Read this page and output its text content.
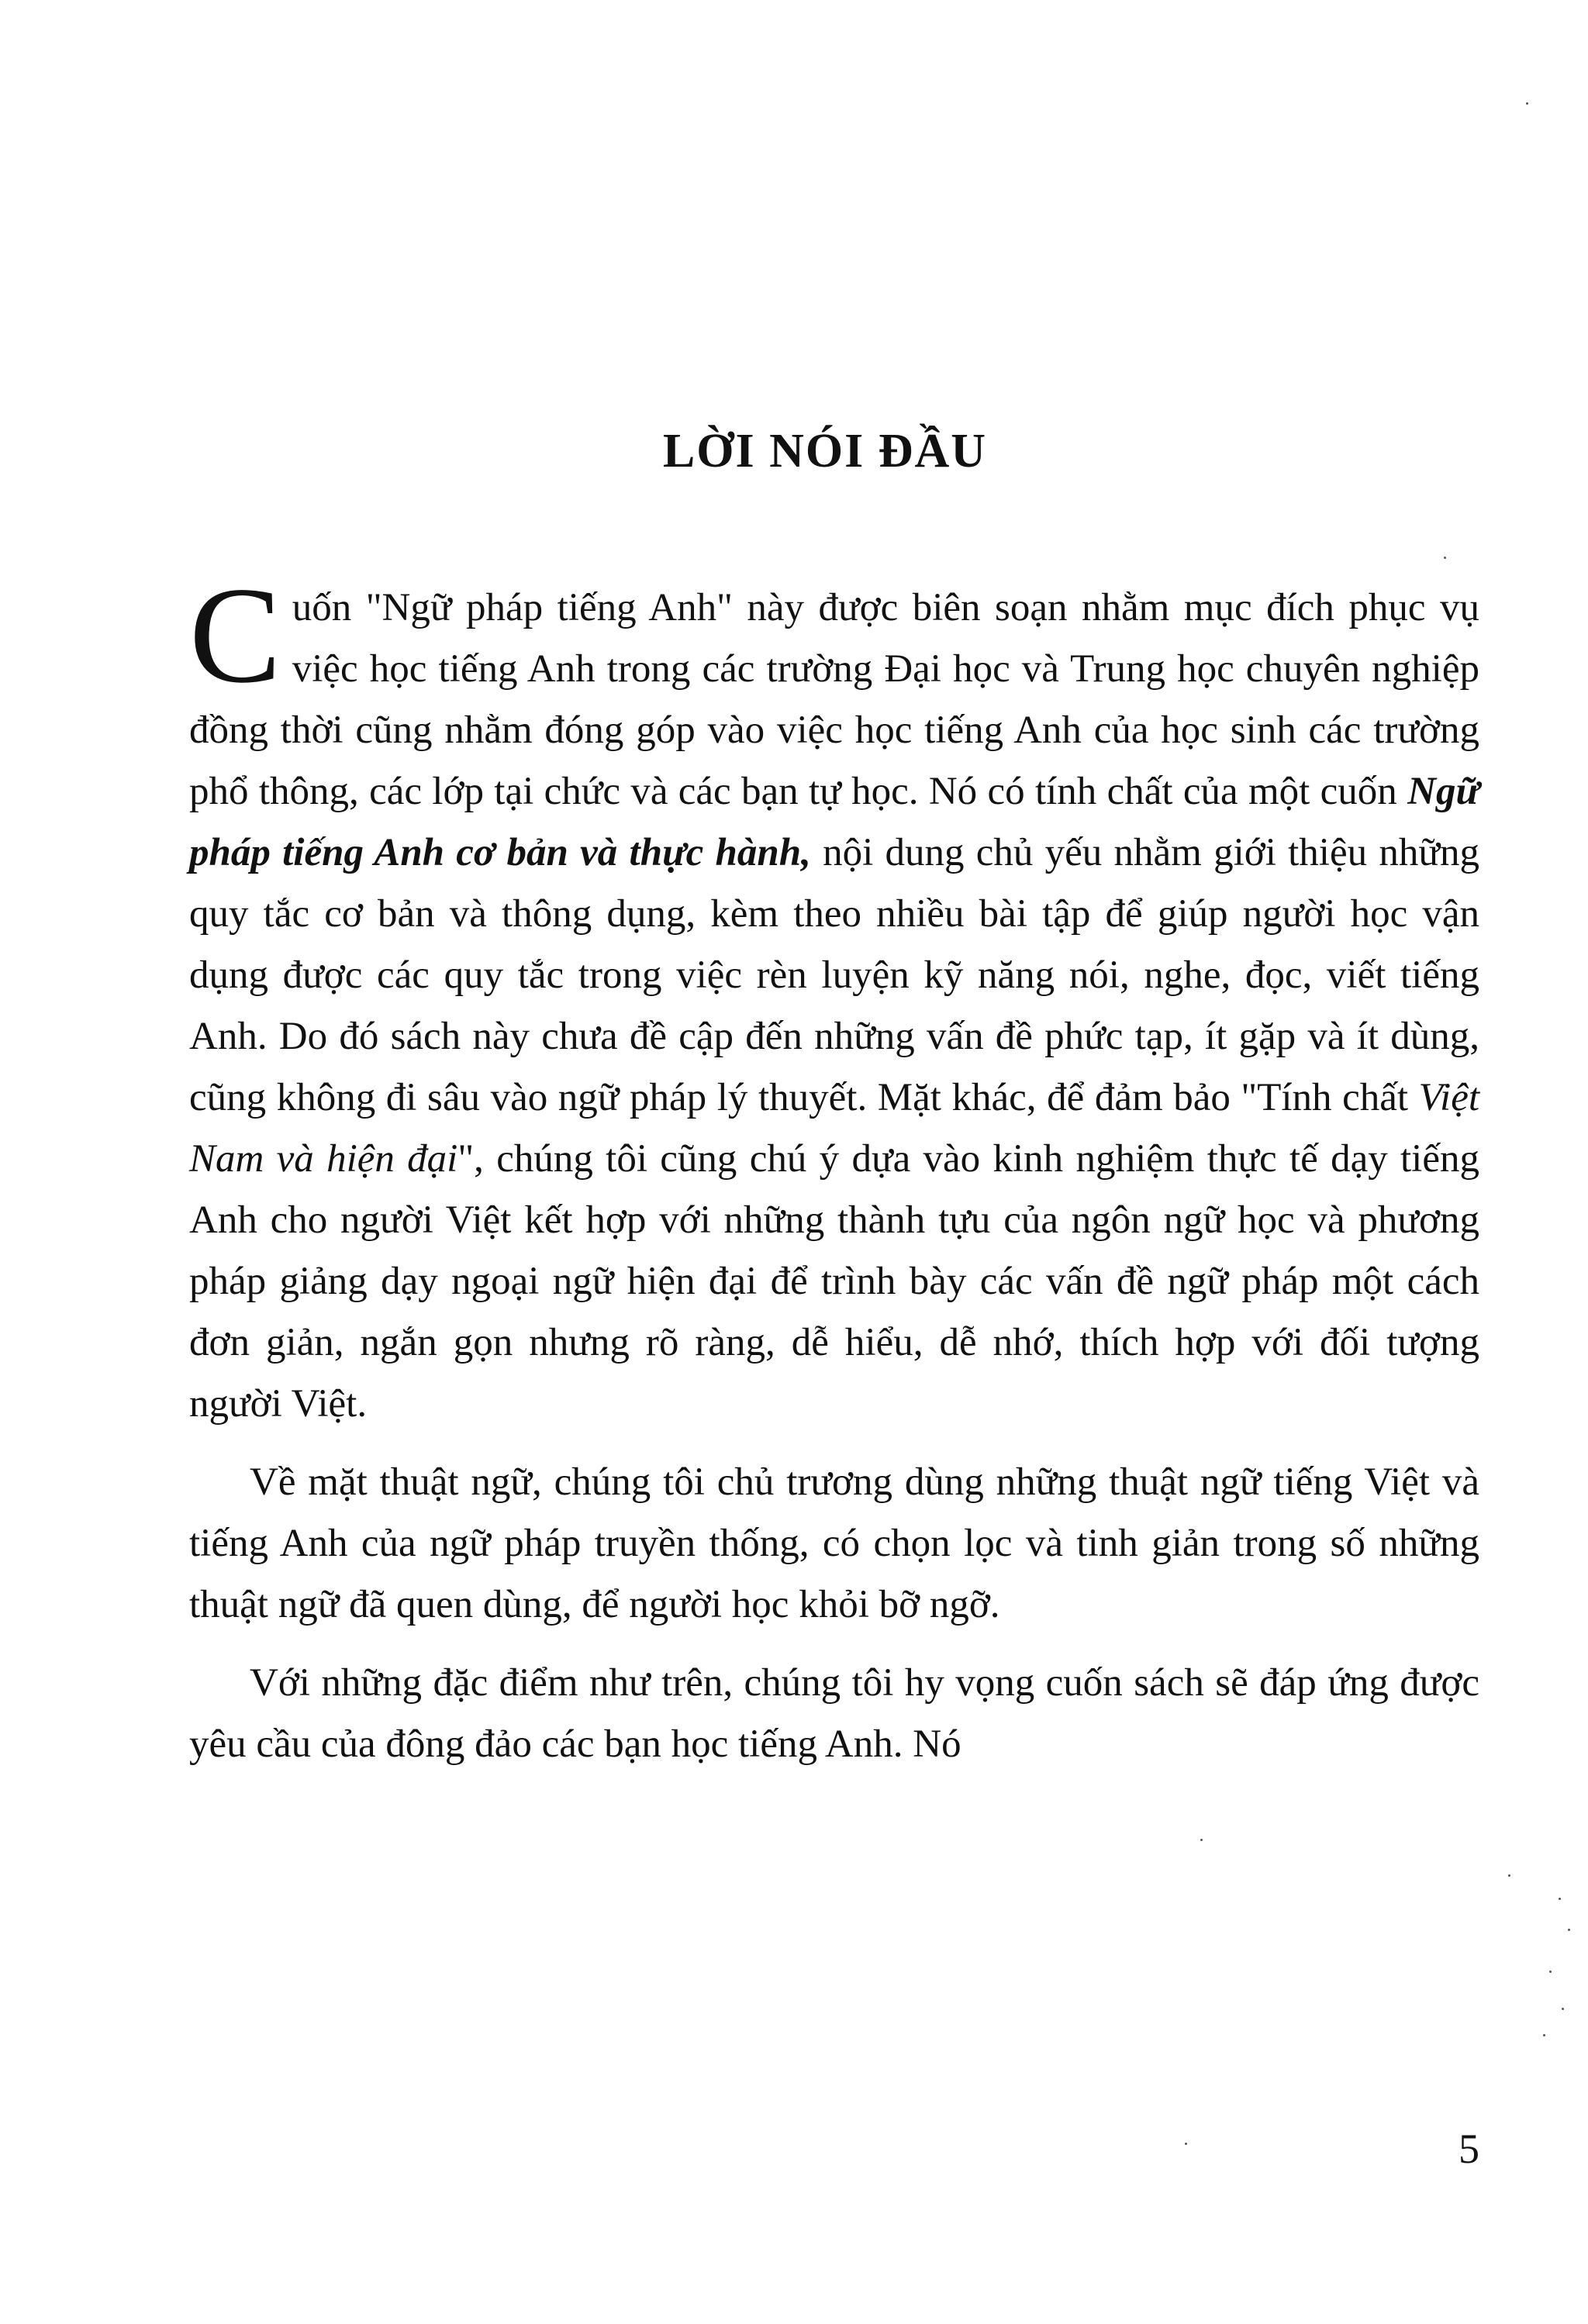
LỜI NÓI ĐẦU

Cuốn "Ngữ pháp tiếng Anh" này được biên soạn nhằm mục đích phục vụ việc học tiếng Anh trong các trường Đại học và Trung học chuyên nghiệp đồng thời cũng nhằm đóng góp vào việc học tiếng Anh của học sinh các trường phổ thông, các lớp tại chức và các bạn tự học. Nó có tính chất của một cuốn Ngữ pháp tiếng Anh cơ bản và thực hành, nội dung chủ yếu nhằm giới thiệu những quy tắc cơ bản và thông dụng, kèm theo nhiều bài tập để giúp người học vận dụng được các quy tắc trong việc rèn luyện kỹ năng nói, nghe, đọc, viết tiếng Anh. Do đó sách này chưa đề cập đến những vấn đề phức tạp, ít gặp và ít dùng, cũng không đi sâu vào ngữ pháp lý thuyết. Mặt khác, để đảm bảo "Tính chất Việt Nam và hiện đại", chúng tôi cũng chú ý dựa vào kinh nghiệm thực tế dạy tiếng Anh cho người Việt kết hợp với những thành tựu của ngôn ngữ học và phương pháp giảng dạy ngoại ngữ hiện đại để trình bày các vấn đề ngữ pháp một cách đơn giản, ngắn gọn nhưng rõ ràng, dễ hiểu, dễ nhớ, thích hợp với đối tượng người Việt.

Về mặt thuật ngữ, chúng tôi chủ trương dùng những thuật ngữ tiếng Việt và tiếng Anh của ngữ pháp truyền thống, có chọn lọc và tinh giản trong số những thuật ngữ đã quen dùng, để người học khỏi bỡ ngỡ.

Với những đặc điểm như trên, chúng tôi hy vọng cuốn sách sẽ đáp ứng được yêu cầu của đông đảo các bạn học tiếng Anh. Nó

5
